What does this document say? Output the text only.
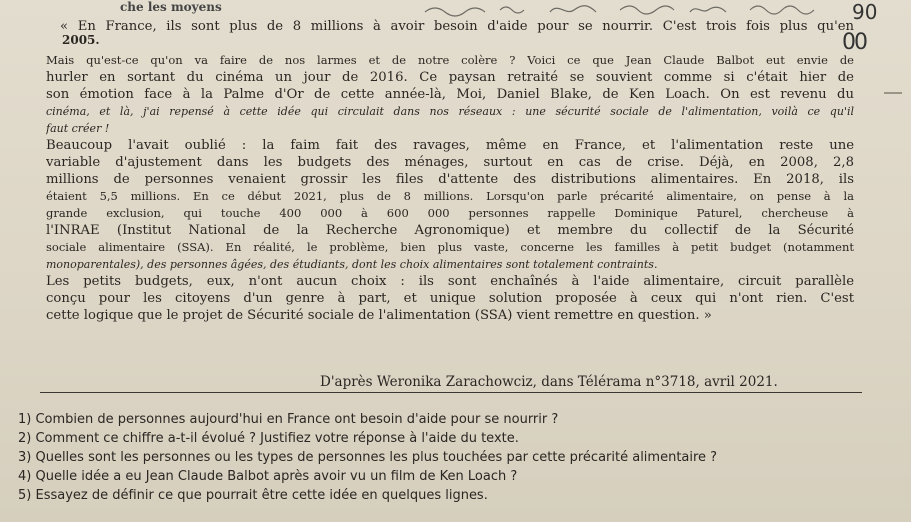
che les moyens	90
00
2005.
« En France, ils sont plus de 8 millions à avoir besoin d'aide pour se nourrir. C'est trois fois plus qu'en
Mais qu'est-ce qu'on va faire de nos larmes et de notre colère ? Voici ce que Jean Claude Balbot eut envie de
hurler en sortant du cinéma un jour de 2016. Ce paysan retraité se souvient comme si c'était hier de
son émotion face à la Palme d'Or de cette année-là, Moi, Daniel Blake, de Ken Loach. On est revenu du
cinéma, et là, j'ai repensé à cette idée qui circulait dans nos réseaux : une sécurité sociale de l'alimentation, voilà ce qu'il
faut créer !
Beaucoup l'avait oublié : la faim fait des ravages, même en France, et l'alimentation reste une
variable d'ajustement dans les budgets des ménages, surtout en cas de crise. Déjà, en 2008, 2,8
millions de personnes venaient grossir les files d'attente des distributions alimentaires. En 2018, ils
étaient 5,5 millions. En ce début 2021, plus de 8 millions. Lorsqu'on parle précarité alimentaire, on pense à la
grande exclusion, qui touche 400 000 à 600 000 personnes rappelle Dominique Paturel, chercheuse à
l'INRAE (Institut National de la Recherche Agronomique) et membre du collectif de la Sécurité
sociale alimentaire (SSA). En réalité, le problème, bien plus vaste, concerne les familles à petit budget (notamment
monoparentales), des personnes âgées, des étudiants, dont les choix alimentaires sont totalement contraints.
Les petits budgets, eux, n'ont aucun choix : ils sont enchaînés à l'aide alimentaire, circuit parallèle
conçu pour les citoyens d'un genre à part, et unique solution proposée à ceux qui n'ont rien. C'est
cette logique que le projet de Sécurité sociale de l'alimentation (SSA) vient remettre en question. »
D'après Weronika Zarachowciz, dans Télérama n°3718, avril 2021.
1) Combien de personnes aujourd'hui en France ont besoin d'aide pour se nourrir ?
2) Comment ce chiffre a-t-il évolué ? Justifiez votre réponse à l'aide du texte.
3) Quelles sont les personnes ou les types de personnes les plus touchées par cette précarité alimentaire ?
4) Quelle idée a eu Jean Claude Balbot après avoir vu un film de Ken Loach ?
5) Essayez de définir ce que pourrait être cette idée en quelques lignes.
